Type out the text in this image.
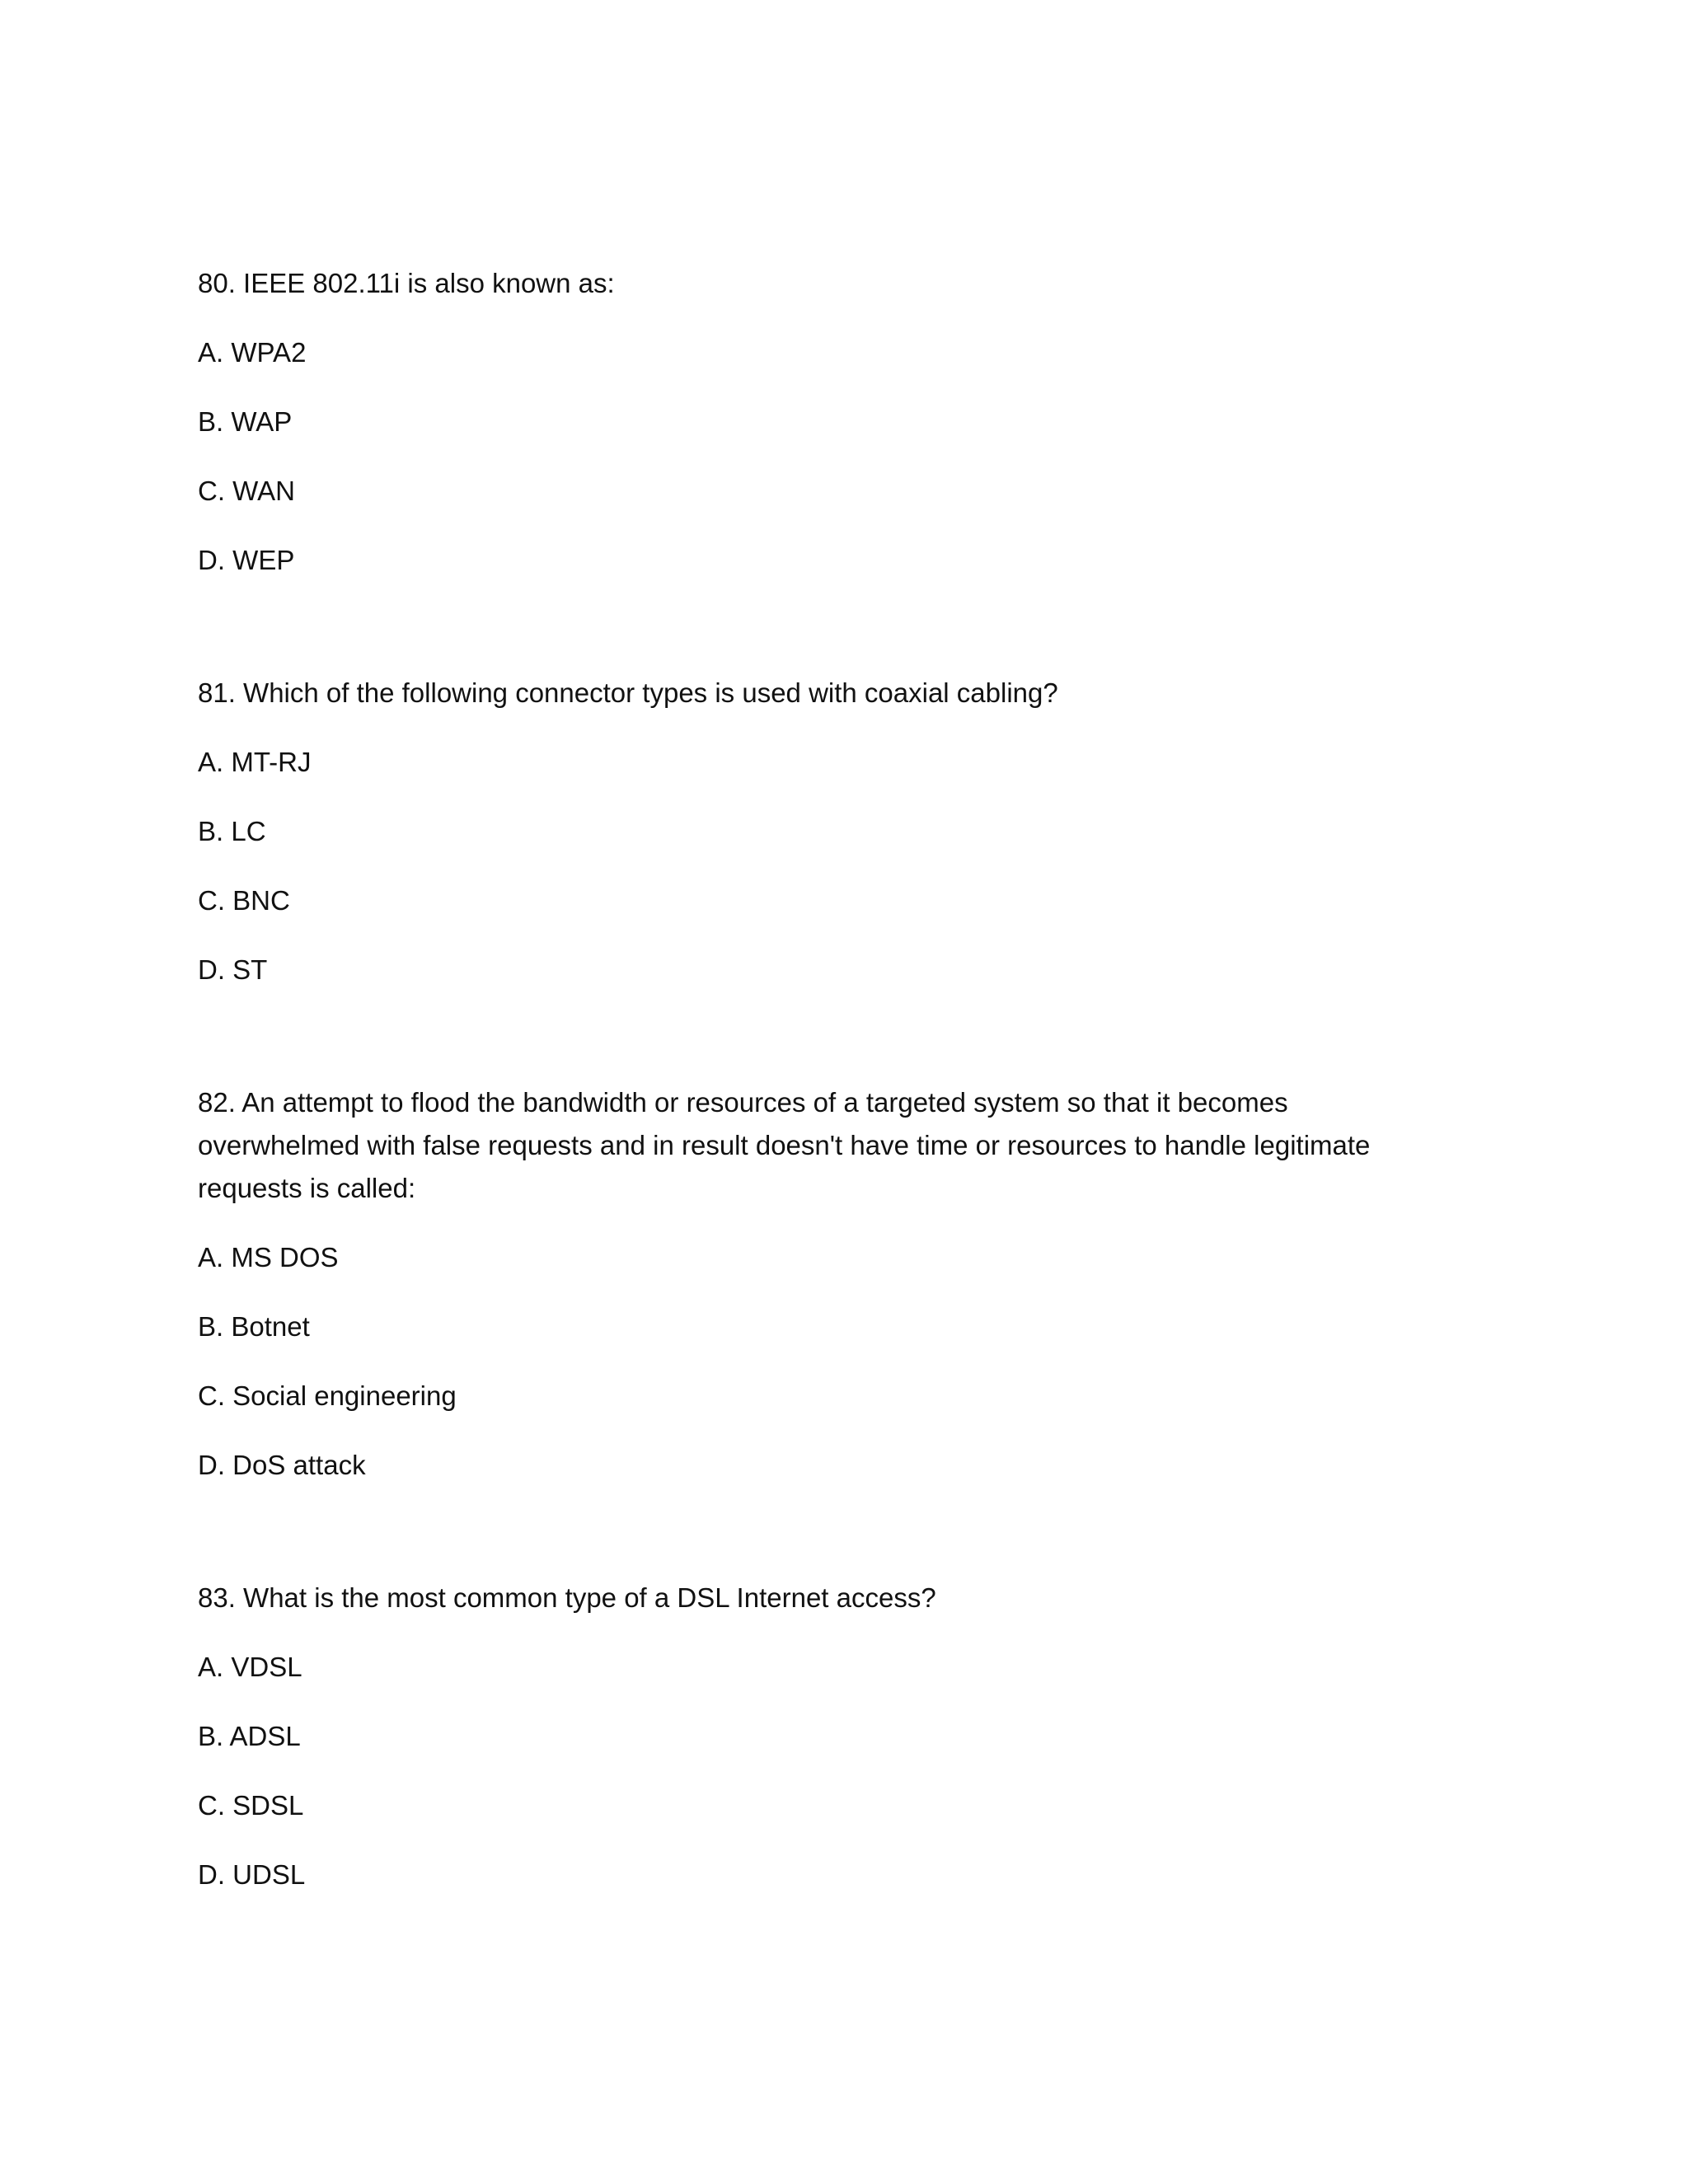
80. IEEE 802.11i is also known as:

A. WPA2

B. WAP

C. WAN

D. WEP

81. Which of the following connector types is used with coaxial cabling?

A. MT-RJ

B. LC

C. BNC

D. ST

82. An attempt to flood the bandwidth or resources of a targeted system so that it becomes overwhelmed with false requests and in result doesn't have time or resources to handle legitimate requests is called:

A. MS DOS

B. Botnet

C. Social engineering

D. DoS attack

83. What is the most common type of a DSL Internet access?

A. VDSL

B. ADSL

C. SDSL

D. UDSL
